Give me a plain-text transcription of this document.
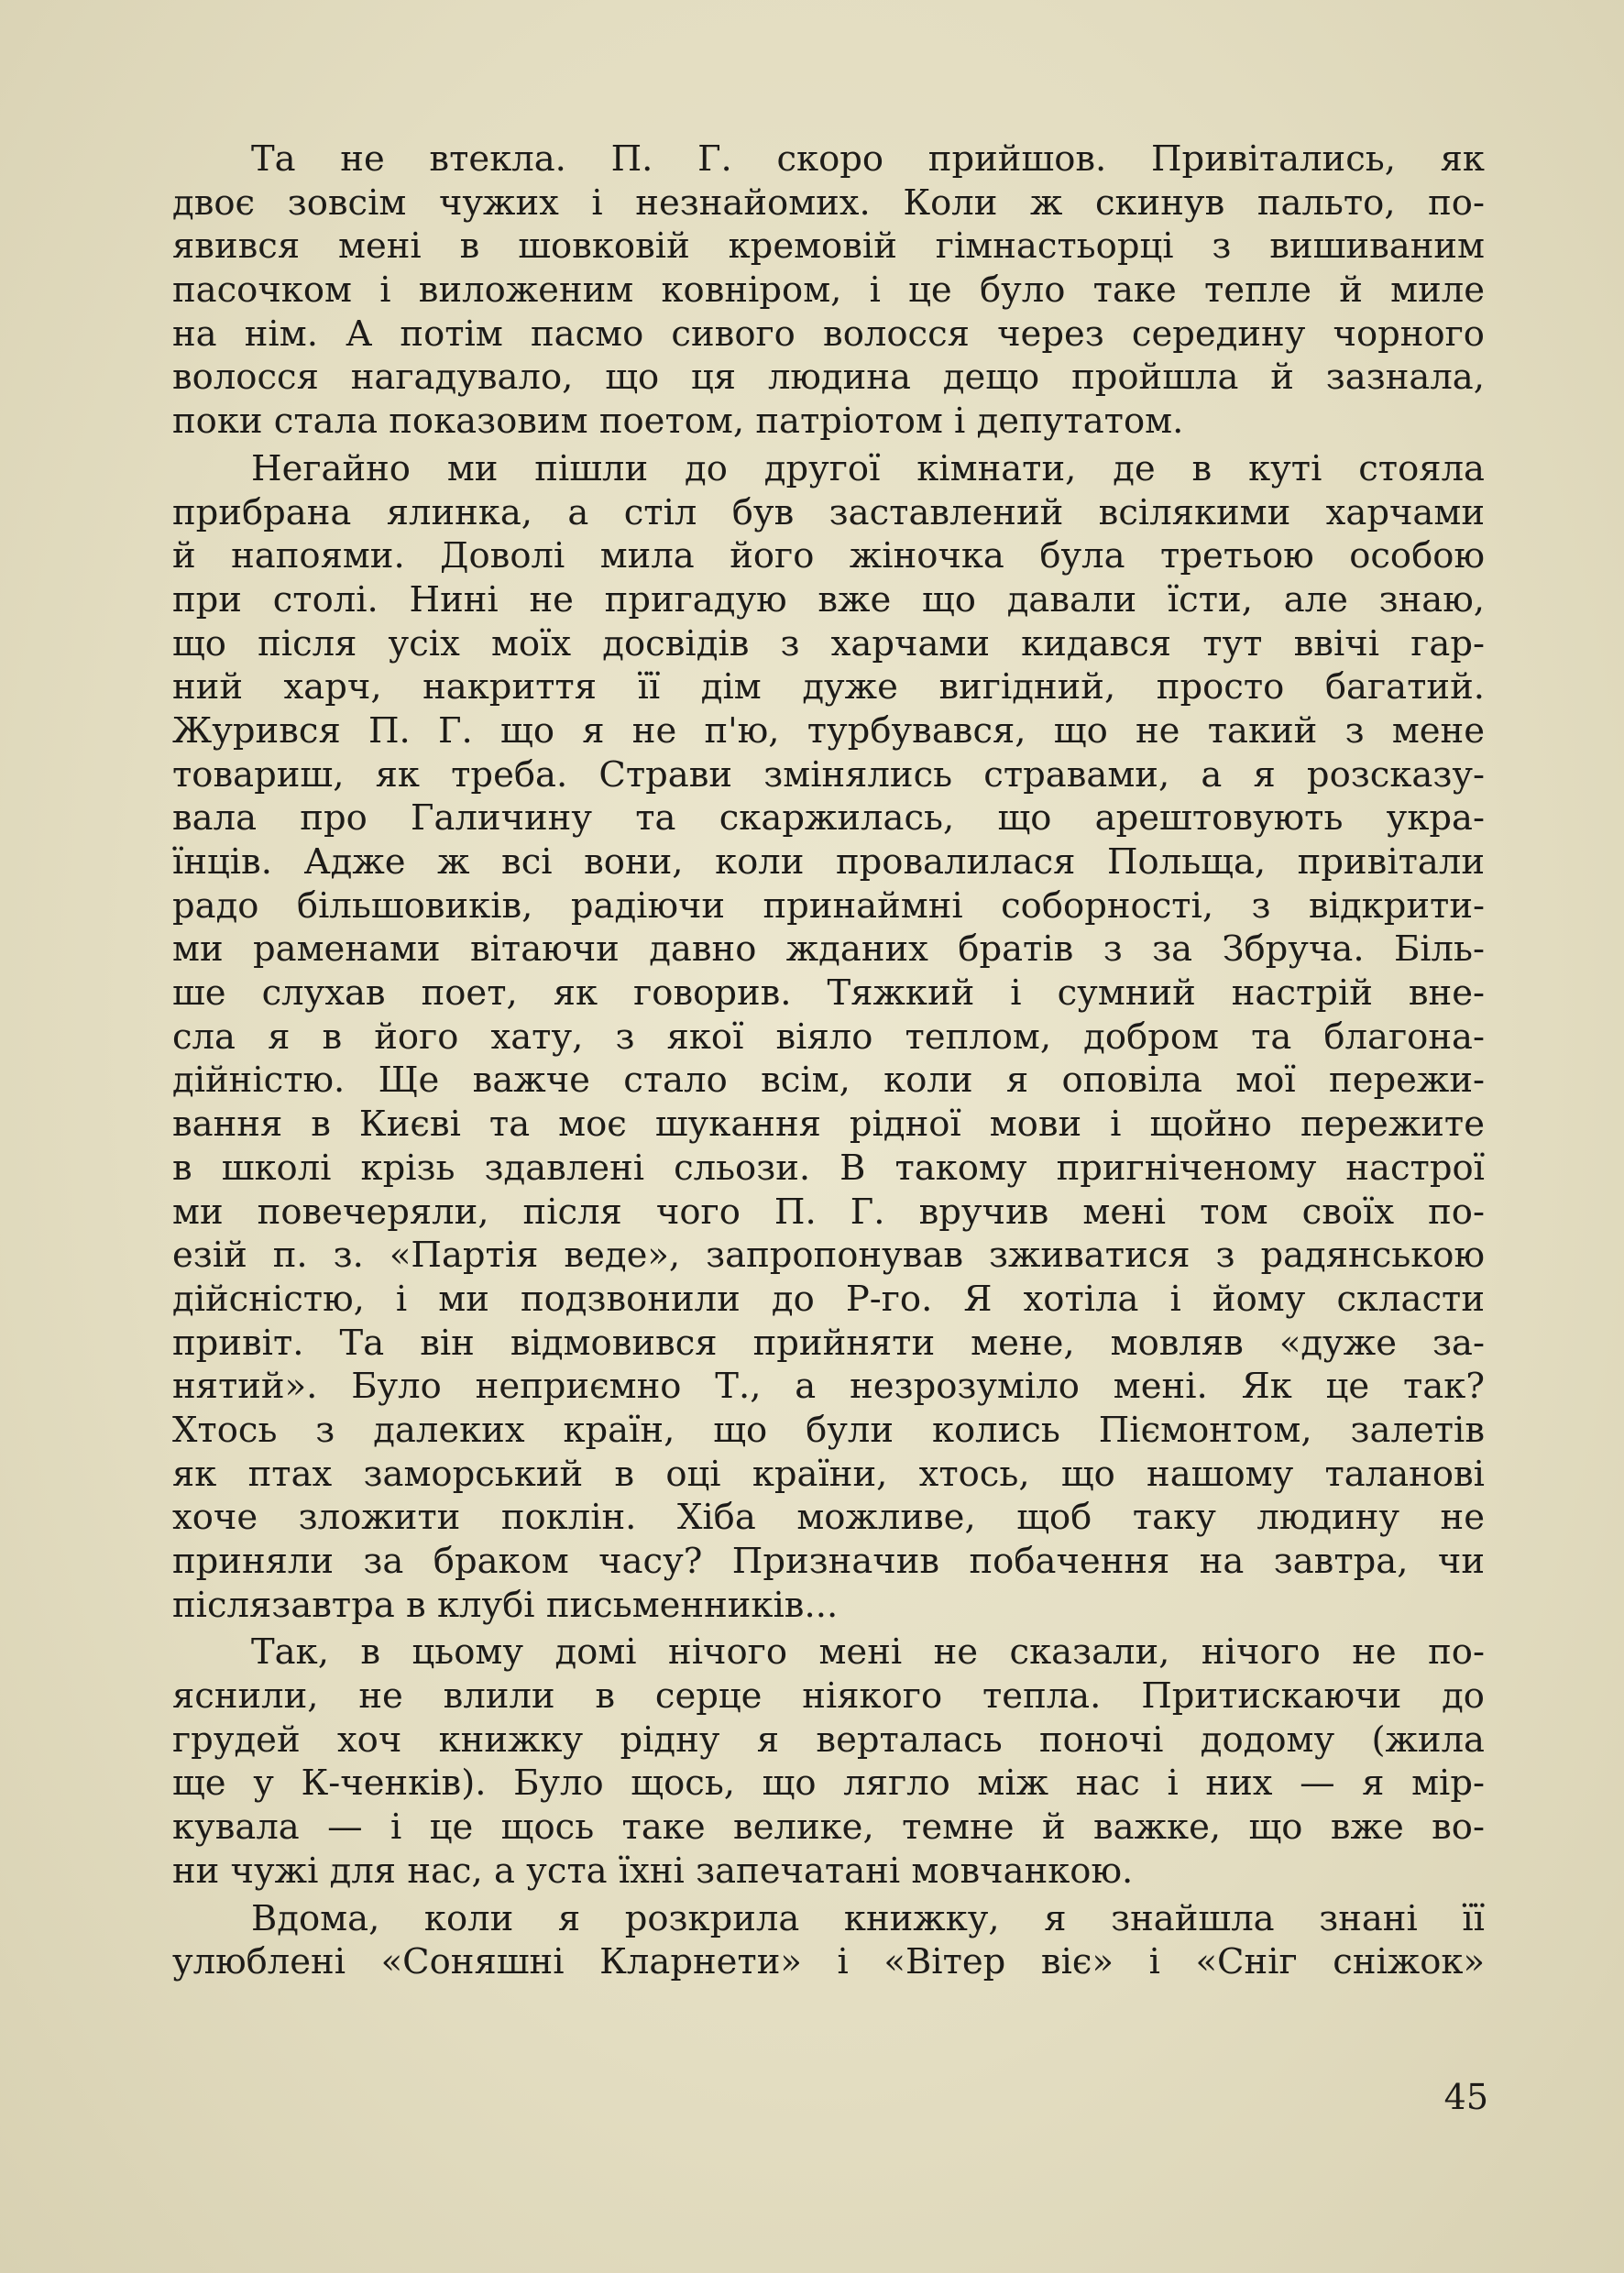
Та не втекла. П. Г. скоро прийшов. Привітались, як
двоє зовсім чужих і незнайомих. Коли ж скинув пальто, по-
явився мені в шовковій кремовій гімнастьорці з вишиваним
пасочком і виложеним ковніром, і це було таке тепле й миле
на нім. А потім пасмо сивого волосся через середину чорного
волосся нагадувало, що ця людина дещо пройшла й зазнала,
поки стала показовим поетом, патріотом і депутатом.
Негайно ми пішли до другої кімнати, де в куті стояла
прибрана ялинка, а стіл був заставлений всілякими харчами
й напоями. Доволі мила його жіночка була третьою особою
при столі. Нині не пригадую вже що давали їсти, але знаю,
що після усіх моїх досвідів з харчами кидався тут ввічі гар-
ний харч, накриття її дім дуже вигідний, просто багатий.
Журився П. Г. що я не п'ю, турбувався, що не такий з мене
товариш, як треба. Страви змінялись стравами, а я розсказу-
вала про Галичину та скаржилась, що арештовують укра-
їнців. Адже ж всі вони, коли провалилася Польща, привітали
радо більшовиків, радіючи принаймні соборності, з відкрити-
ми раменами вітаючи давно жданих братів з за Збруча. Біль-
ше слухав поет, як говорив. Тяжкий і сумний настрій вне-
сла я в його хату, з якої віяло теплом, добром та благона-
дійністю. Ще важче стало всім, коли я оповіла мої пережи-
вання в Києві та моє шукання рідної мови і щойно пережите
в школі крізь здавлені сльози. В такому пригніченому настрої
ми повечеряли, після чого П. Г. вручив мені том своїх по-
езій п. з. «Партія веде», запропонував зживатися з радянською
дійсністю, і ми подзвонили до Р-го. Я хотіла і йому скласти
привіт. Та він відмовився прийняти мене, мовляв «дуже за-
нятий». Було неприємно Т., а незрозуміло мені. Як це так?
Хтось з далеких країн, що були колись Піємонтом, залетів
як птах заморський в оці країни, хтось, що нашому таланові
хоче зложити поклін. Хіба можливе, щоб таку людину не
приняли за браком часу? Призначив побачення на завтра, чи
післязавтра в клубі письменників...
Так, в цьому домі нічого мені не сказали, нічого не по-
яснили, не влили в серце ніякого тепла. Притискаючи до
грудей хоч книжку рідну я верталась поночі додому (жила
ще у К-ченків). Було щось, що лягло між нас і них — я мір-
кувала — і це щось таке велике, темне й важке, що вже во-
ни чужі для нас, а уста їхні запечатані мовчанкою.
Вдома, коли я розкрила книжку, я знайшла знані її
улюблені «Соняшні Кларнети» і «Вітер віє» і «Сніг сніжок»
45
